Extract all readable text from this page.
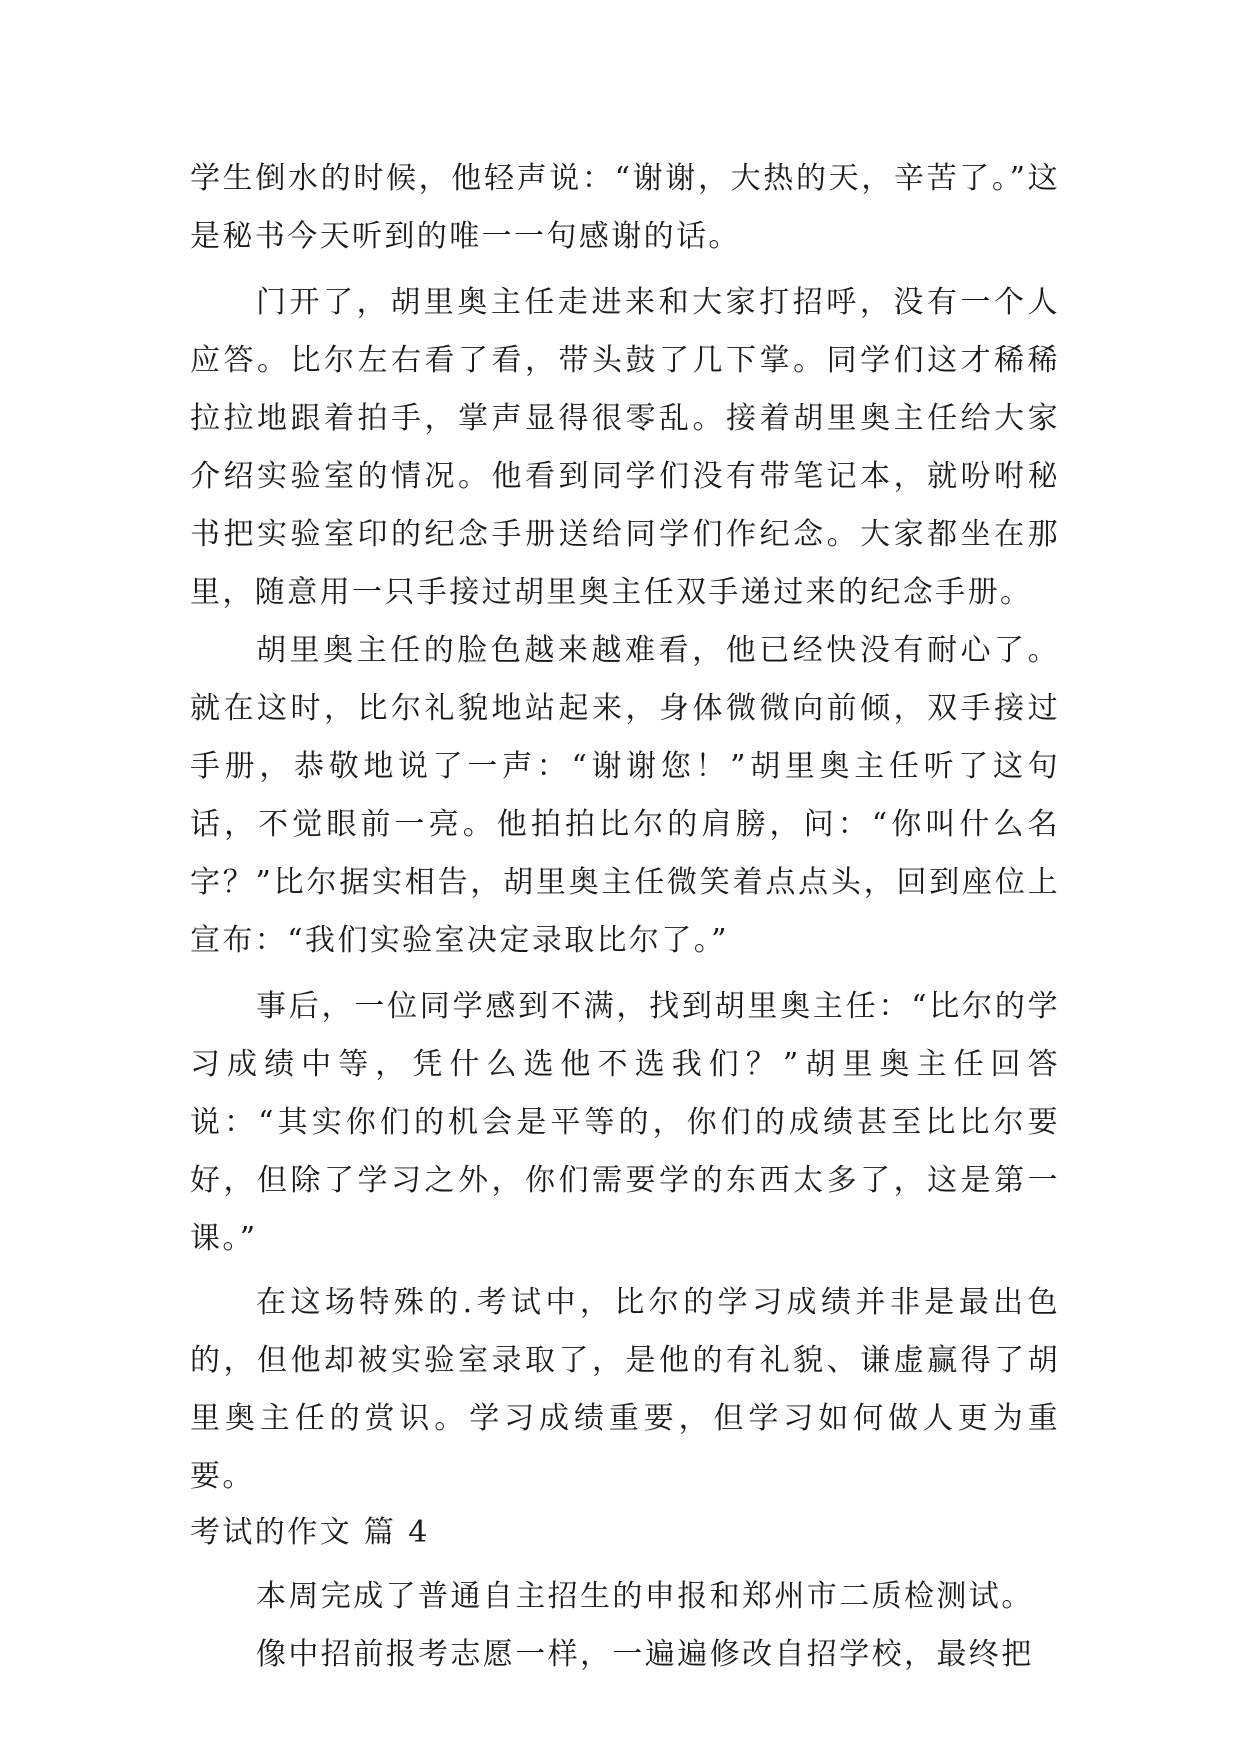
学生倒水的时候，他轻声说：“谢谢，大热的天，辛苦了。”这是秘书今天听到的唯一一句感谢的话。

门开了，胡里奥主任走进来和大家打招呼，没有一个人应答。比尔左右看了看，带头鼓了几下掌。同学们这才稀稀拉拉地跟着拍手，掌声显得很零乱。接着胡里奥主任给大家介绍实验室的情况。他看到同学们没有带笔记本，就吩咐秘书把实验室印的纪念手册送给同学们作纪念。大家都坐在那里，随意用一只手接过胡里奥主任双手递过来的纪念手册。

胡里奥主任的脸色越来越难看，他已经快没有耐心了。就在这时，比尔礼貌地站起来，身体微微向前倾，双手接过手册，恭敬地说了一声：“谢谢您！”胡里奥主任听了这句话，不觉眼前一亮。他拍拍比尔的肩膀，问：“你叫什么名字？”比尔据实相告，胡里奥主任微笑着点点头，回到座位上宣布：“我们实验室决定录取比尔了。”

事后，一位同学感到不满，找到胡里奥主任：“比尔的学习成绩中等，凭什么选他不选我们？”胡里奥主任回答说：“其实你们的机会是平等的，你们的成绩甚至比比尔要好，但除了学习之外，你们需要学的东西太多了，这是第一课。”

在这场特殊的.考试中，比尔的学习成绩并非是最出色的，但他却被实验室录取了，是他的有礼貌、谦虚赢得了胡里奥主任的赏识。学习成绩重要，但学习如何做人更为重要。

考试的作文 篇 4

本周完成了普通自主招生的申报和郑州市二质检测试。

像中招前报考志愿一样，一遍遍修改自招学校，最终把
